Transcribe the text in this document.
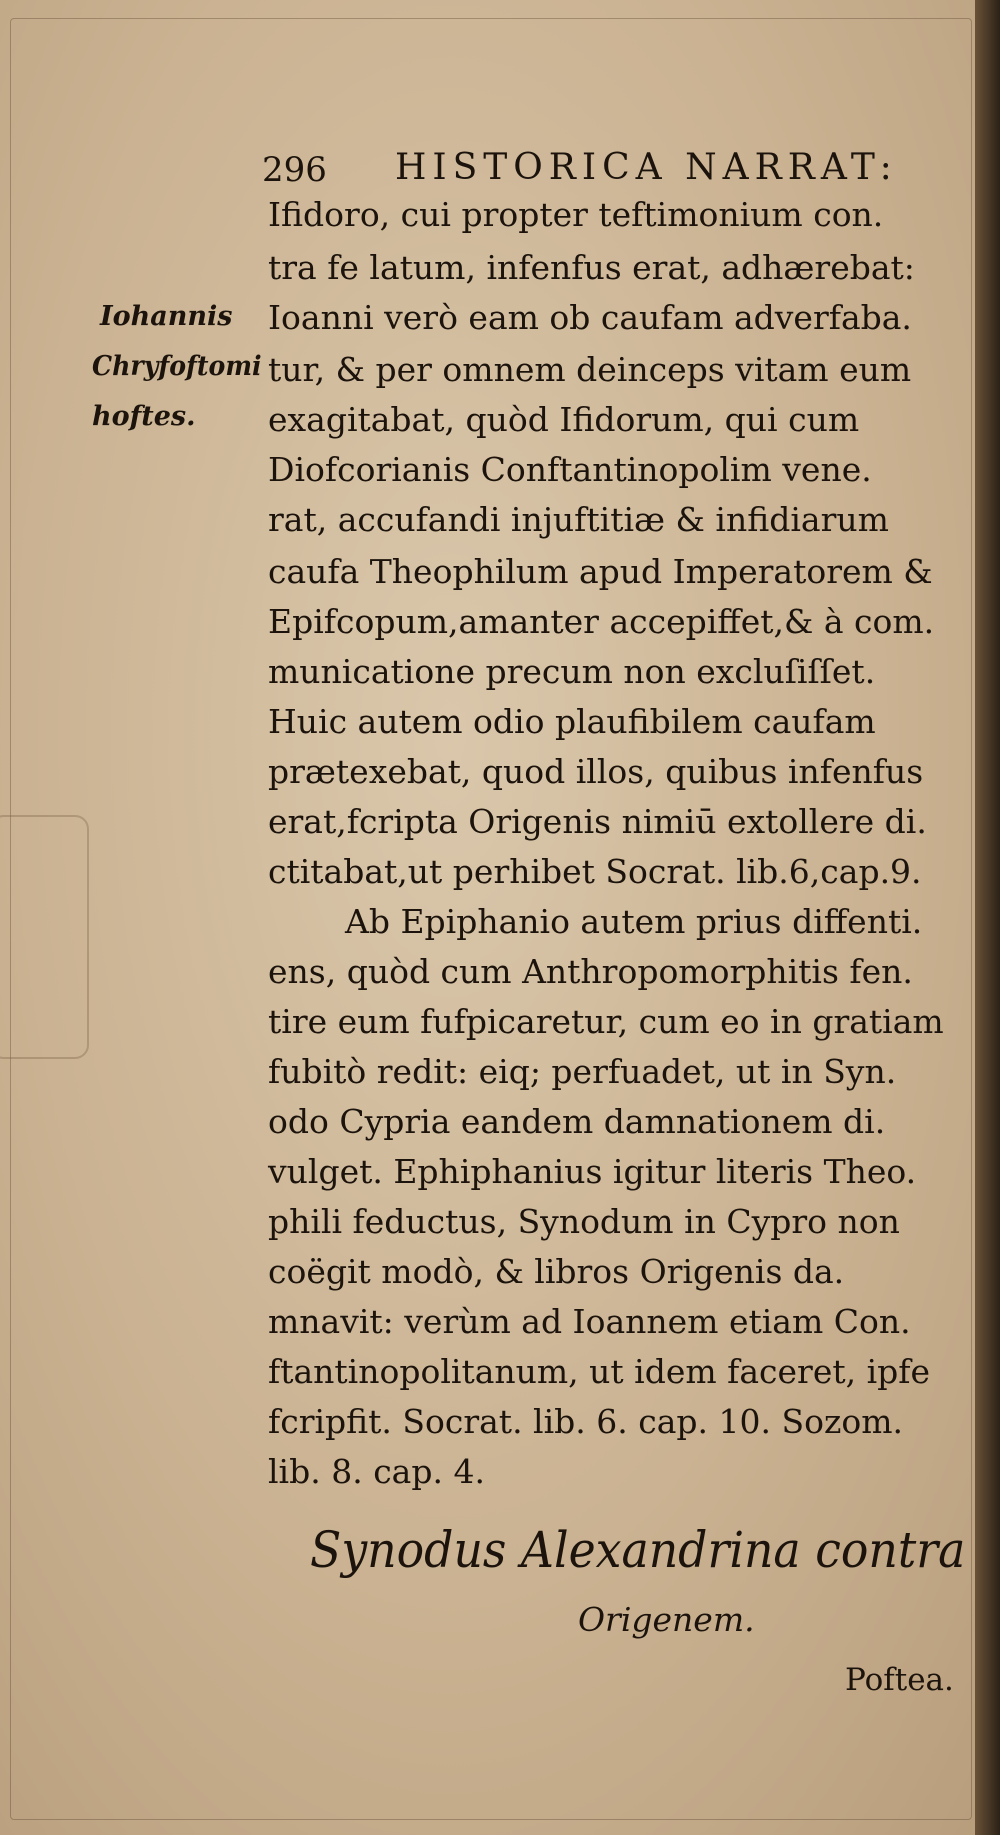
296 HISTORICA NARRAT:
Iohannis
Chryfoftomi
hoftes.
Ifidoro, cui propter teftimonium con.
tra fe latum, infenfus erat, adhærebat:
Ioanni verò eam ob caufam adverfaba.
tur, & per omnem deinceps vitam eum
exagitabat, quòd Ifidorum, qui cum
Diofcorianis Conftantinopolim vene.
rat, accufandi injuftitiæ & infidiarum
caufa Theophilum apud Imperatorem &
Epifcopum,amanter accepiffet,& à com.
municatione precum non excluſiſſet.
Huic autem odio plaufibilem caufam
prætexebat, quod illos, quibus infenfus
erat,fcripta Origenis nimiū extollere di.
ctitabat,ut perhibet Socrat. lib.6,cap.9.
Ab Epiphanio autem prius diffenti.
ens, quòd cum Anthropomorphitis fen.
tire eum fufpicaretur, cum eo in gratiam
fubitò redit: eiq; perfuadet, ut in Syn.
odo Cypria eandem damnationem di.
vulget. Ephiphanius igitur literis Theo.
phili feductus, Synodum in Cypro non
coëgit modò, & libros Origenis da.
mnavit: verùm ad Ioannem etiam Con.
ftantinopolitanum, ut idem faceret, ipfe
fcripfit. Socrat. lib. 6. cap. 10. Sozom.
lib. 8. cap. 4.
Synodus Alexandrina contra
Origenem.
Poftea.
